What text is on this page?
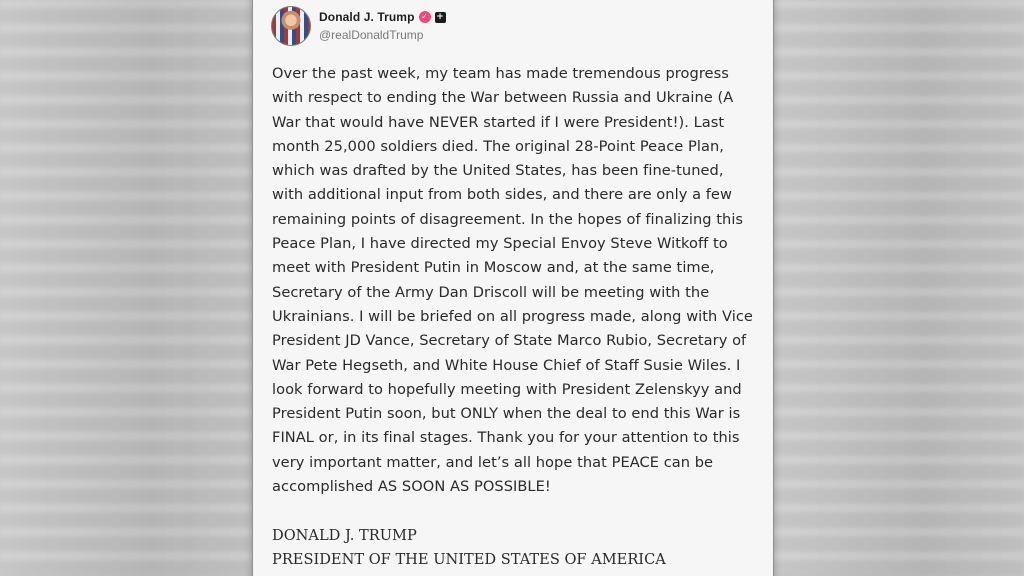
Donald J. Trump ✓ +
@realDonaldTrump
Over the past week, my team has made tremendous progress
with respect to ending the War between Russia and Ukraine (A
War that would have NEVER started if I were President!). Last
month 25,000 soldiers died. The original 28-Point Peace Plan,
which was drafted by the United States, has been fine-tuned,
with additional input from both sides, and there are only a few
remaining points of disagreement. In the hopes of finalizing this
Peace Plan, I have directed my Special Envoy Steve Witkoff to
meet with President Putin in Moscow and, at the same time,
Secretary of the Army Dan Driscoll will be meeting with the
Ukrainians. I will be briefed on all progress made, along with Vice
President JD Vance, Secretary of State Marco Rubio, Secretary of
War Pete Hegseth, and White House Chief of Staff Susie Wiles. I
look forward to hopefully meeting with President Zelenskyy and
President Putin soon, but ONLY when the deal to end this War is
FINAL or, in its final stages. Thank you for your attention to this
very important matter, and let’s all hope that PEACE can be
accomplished AS SOON AS POSSIBLE!
DONALD J. TRUMP
PRESIDENT OF THE UNITED STATES OF AMERICA
